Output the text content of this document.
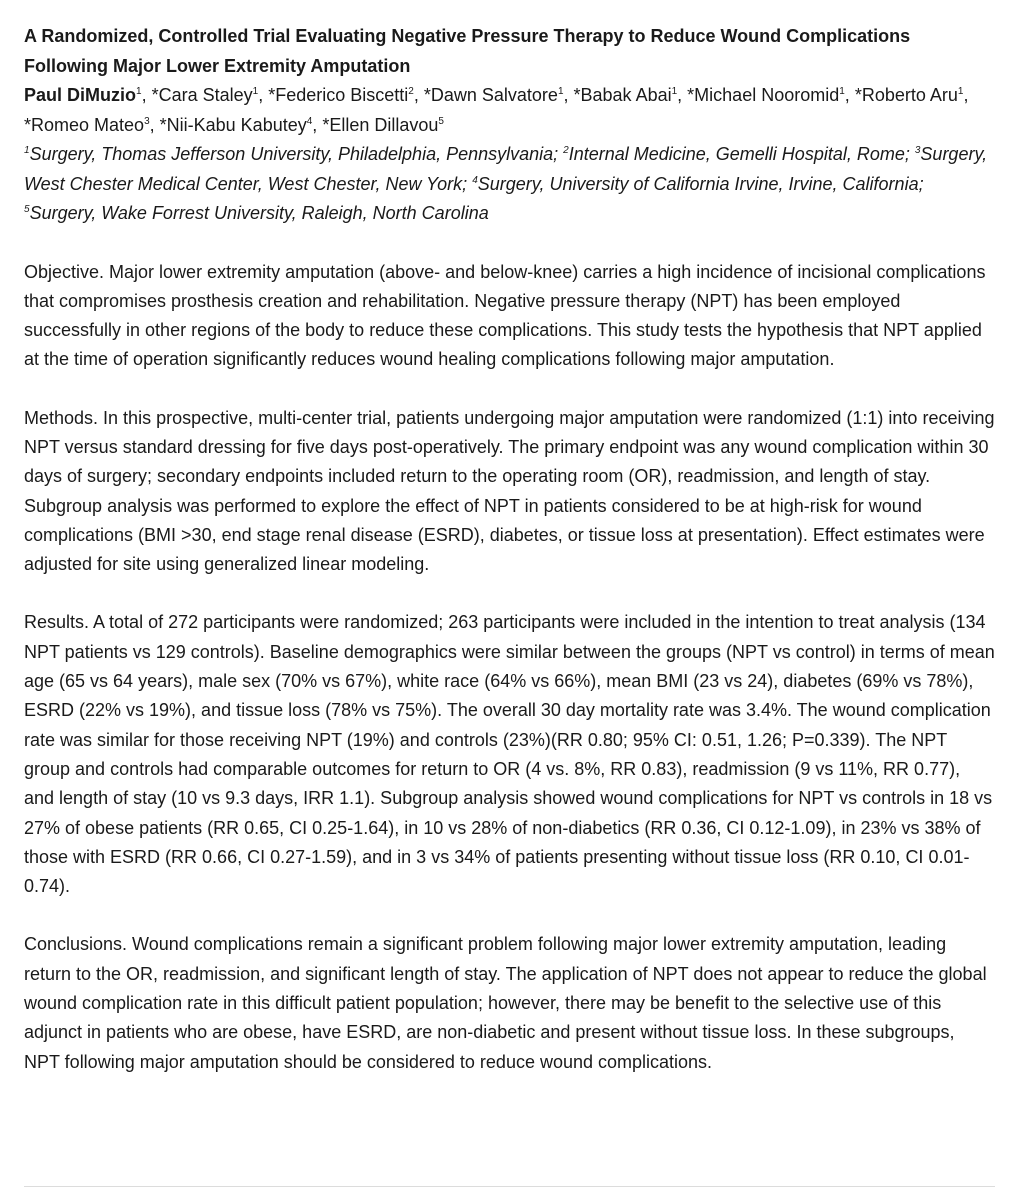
A Randomized, Controlled Trial Evaluating Negative Pressure Therapy to Reduce Wound Complications Following Major Lower Extremity Amputation

Paul DiMuzio$^1$, *Cara Staley$^1$, *Federico Biscetti$^2$, *Dawn Salvatore$^1$, *Babak Abai$^1$, *Michael Nooromid$^1$, *Roberto Aru$^1$, *Romeo Mateo$^3$, *Nii-Kabu Kabutey$^4$, *Ellen Dillavou$^5$

$^1$Surgery, Thomas Jefferson University, Philadelphia, Pennsylvania; $^2$Internal Medicine, Gemelli Hospital, Rome; $^3$Surgery, West Chester Medical Center, West Chester, New York; $^4$Surgery, University of California Irvine, Irvine, California; $^5$Surgery, Wake Forrest University, Raleigh, North Carolina

Objective. Major lower extremity amputation (above- and below-knee) carries a high incidence of incisional complications that compromises prosthesis creation and rehabilitation. Negative pressure therapy (NPT) has been employed successfully in other regions of the body to reduce these complications. This study tests the hypothesis that NPT applied at the time of operation significantly reduces wound healing complications following major amputation.

Methods. In this prospective, multi-center trial, patients undergoing major amputation were randomized (1:1) into receiving NPT versus standard dressing for five days post-operatively. The primary endpoint was any wound complication within 30 days of surgery; secondary endpoints included return to the operating room (OR), readmission, and length of stay. Subgroup analysis was performed to explore the effect of NPT in patients considered to be at high-risk for wound complications (BMI >30, end stage renal disease (ESRD), diabetes, or tissue loss at presentation). Effect estimates were adjusted for site using generalized linear modeling.

Results. A total of 272 participants were randomized; 263 participants were included in the intention to treat analysis (134 NPT patients vs 129 controls). Baseline demographics were similar between the groups (NPT vs control) in terms of mean age (65 vs 64 years), male sex (70% vs 67%), white race (64% vs 66%), mean BMI (23 vs 24), diabetes (69% vs 78%), ESRD (22% vs 19%), and tissue loss (78% vs 75%). The overall 30 day mortality rate was 3.4%. The wound complication rate was similar for those receiving NPT (19%) and controls (23%)(RR 0.80; 95% CI: 0.51, 1.26; P=0.339). The NPT group and controls had comparable outcomes for return to OR (4 vs. 8%, RR 0.83), readmission (9 vs 11%, RR 0.77), and length of stay (10 vs 9.3 days, IRR 1.1). Subgroup analysis showed wound complications for NPT vs controls in 18 vs 27% of obese patients (RR 0.65, CI 0.25-1.64), in 10 vs 28% of non-diabetics (RR 0.36, CI 0.12-1.09), in 23% vs 38% of those with ESRD (RR 0.66, CI 0.27-1.59), and in 3 vs 34% of patients presenting without tissue loss (RR 0.10, CI 0.01-0.74).

Conclusions. Wound complications remain a significant problem following major lower extremity amputation, leading return to the OR, readmission, and significant length of stay. The application of NPT does not appear to reduce the global wound complication rate in this difficult patient population; however, there may be benefit to the selective use of this adjunct in patients who are obese, have ESRD, are non-diabetic and present without tissue loss. In these subgroups, NPT following major amputation should be considered to reduce wound complications.
